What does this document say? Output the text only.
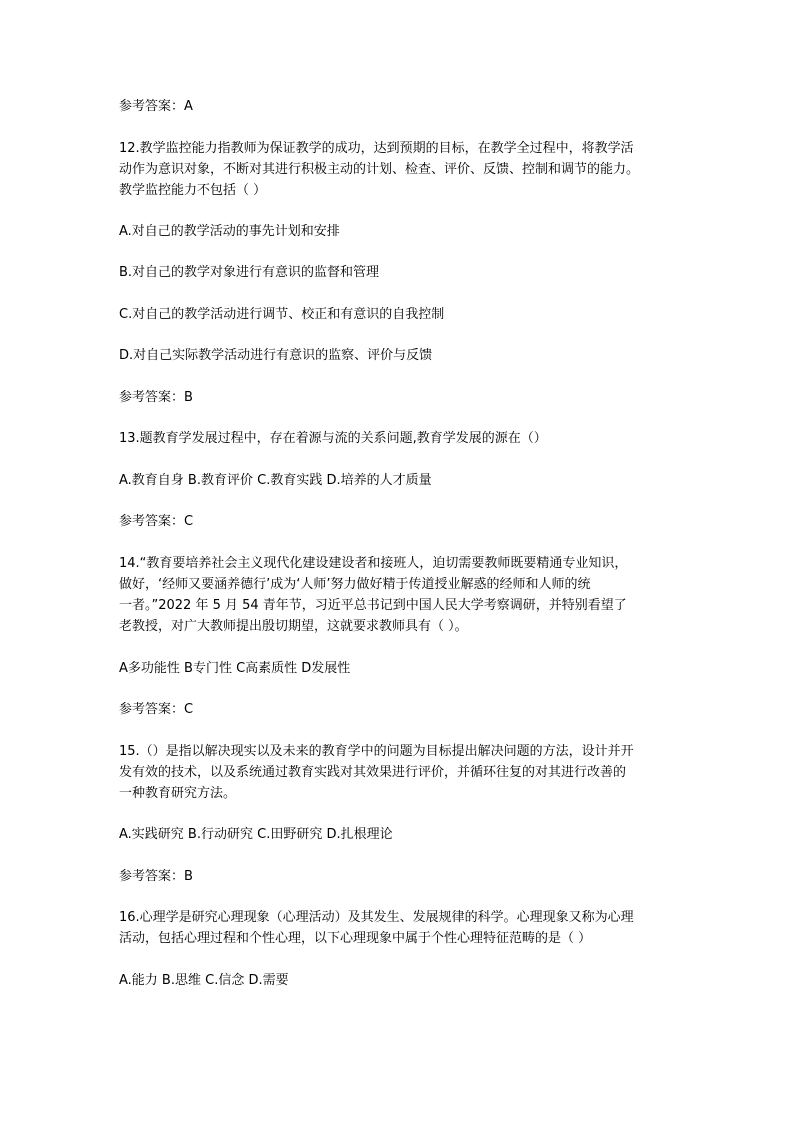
参考答案：A

12.教学监控能力指教师为保证教学的成功，达到预期的目标，在教学全过程中，将教学活

动作为意识对象，不断对其进行积极主动的计划、检查、评价、反馈、控制和调节的能力。

教学监控能力不包括（ ）

A.对自己的教学活动的事先计划和安排

B.对自己的教学对象进行有意识的监督和管理

C.对自己的教学活动进行调节、校正和有意识的自我控制

D.对自己实际教学活动进行有意识的监察、评价与反馈

参考答案：B

13.题教育学发展过程中，存在着源与流的关系问题,教育学发展的源在（）

A.教育自身 B.教育评价 C.教育实践 D.培养的人才质量

参考答案：C

14.“教育要培养社会主义现代化建设建设者和接班人，迫切需要教师既要精通专业知识，

做好，‘经师又要涵养德行’成为‘人师’努力做好精于传道授业解惑的经师和人师的统

一者。”2022 年 5 月 54 青年节，习近平总书记到中国人民大学考察调研，并特别看望了

老教授，对广大教师提出殷切期望，这就要求教师具有（ ）。

A多功能性 B专门性 C高素质性 D发展性

参考答案：C

15.（）是指以解决现实以及未来的教育学中的问题为目标提出解决问题的方法，设计并开

发有效的技术，以及系统通过教育实践对其效果进行评价，并循环往复的对其进行改善的

一种教育研究方法。

A.实践研究 B.行动研究 C.田野研究 D.扎根理论

参考答案：B

16.心理学是研究心理现象（心理活动）及其发生、发展规律的科学。心理现象又称为心理

活动，包括心理过程和个性心理，以下心理现象中属于个性心理特征范畴的是（ ）

A.能力 B.思维 C.信念 D.需要
